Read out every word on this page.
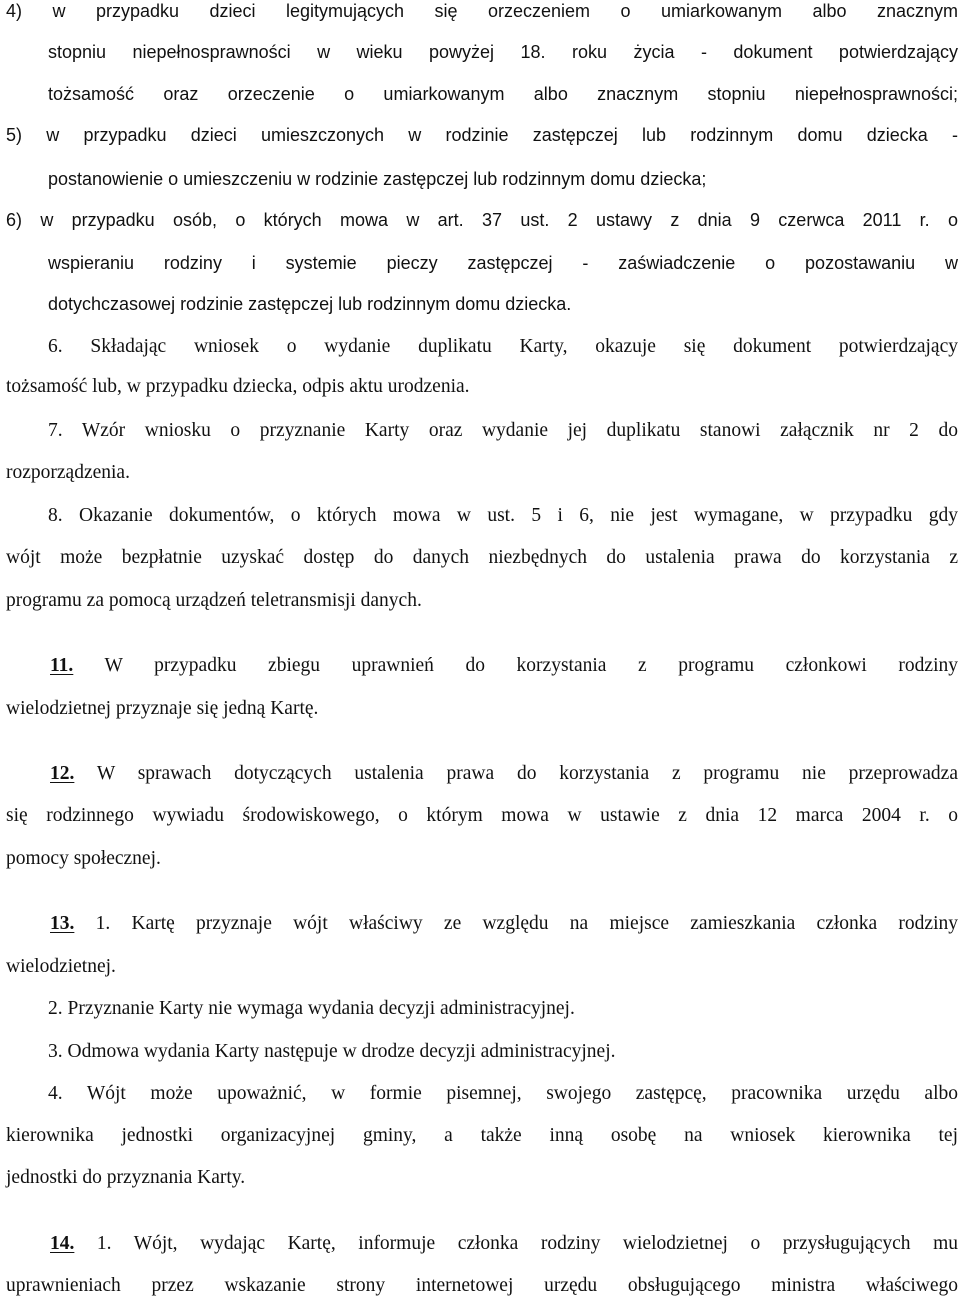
4) w przypadku dzieci legitymujących się orzeczeniem o umiarkowanym albo znacznym

stopniu niepełnosprawności w wieku powyżej 18. roku życia - dokument potwierdzający

tożsamość oraz orzeczenie o umiarkowanym albo znacznym stopniu niepełnosprawności;

5) w przypadku dzieci umieszczonych w rodzinie zastępczej lub rodzinnym domu dziecka -

postanowienie o umieszczeniu w rodzinie zastępczej lub rodzinnym domu dziecka;

6) w przypadku osób, o których mowa w art. 37 ust. 2 ustawy z dnia 9 czerwca 2011 r. o

wspieraniu rodziny i systemie pieczy zastępczej - zaświadczenie o pozostawaniu w

dotychczasowej rodzinie zastępczej lub rodzinnym domu dziecka.

6. Składając wniosek o wydanie duplikatu Karty, okazuje się dokument potwierdzający

tożsamość lub, w przypadku dziecka, odpis aktu urodzenia.

7. Wzór wniosku o przyznanie Karty oraz wydanie jej duplikatu stanowi załącznik nr 2 do

rozporządzenia.

8. Okazanie dokumentów, o których mowa w ust. 5 i 6, nie jest wymagane, w przypadku gdy

wójt może bezpłatnie uzyskać dostęp do danych niezbędnych do ustalenia prawa do korzystania z

programu za pomocą urządzeń teletransmisji danych.

11. W przypadku zbiegu uprawnień do korzystania z programu członkowi rodziny

wielodzietnej przyznaje się jedną Kartę.

12. W sprawach dotyczących ustalenia prawa do korzystania z programu nie przeprowadza

się rodzinnego wywiadu środowiskowego, o którym mowa w ustawie z dnia 12 marca 2004 r. o

pomocy społecznej.

13. 1. Kartę przyznaje wójt właściwy ze względu na miejsce zamieszkania członka rodziny

wielodzietnej.

2. Przyznanie Karty nie wymaga wydania decyzji administracyjnej.

3. Odmowa wydania Karty następuje w drodze decyzji administracyjnej.

4. Wójt może upoważnić, w formie pisemnej, swojego zastępcę, pracownika urzędu albo

kierownika jednostki organizacyjnej gminy, a także inną osobę na wniosek kierownika tej

jednostki do przyznania Karty.

14. 1. Wójt, wydając Kartę, informuje członka rodziny wielodzietnej o przysługujących mu

uprawnieniach przez wskazanie strony internetowej urzędu obsługującego ministra właściwego
